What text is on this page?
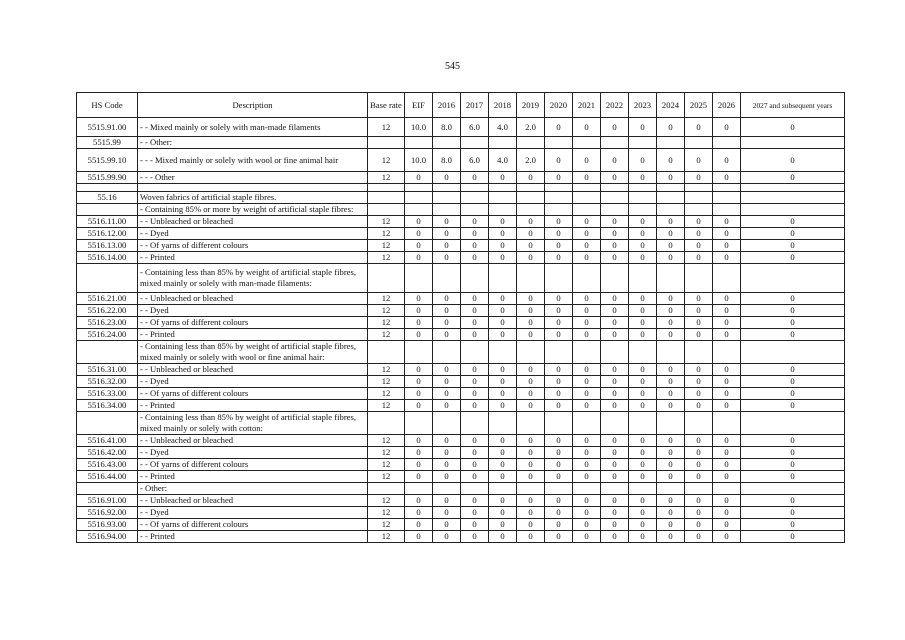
545
HS Code	Description	Base rate	EIF	2016	2017	2018	2019	2020	2021	2022	2023	2024	2025	2026	2027 and subsequent years
5515.91.00	- - Mixed mainly or solely with man-made filaments	12	10.0	8.0	6.0	4.0	2.0	0	0	0	0	0	0	0	0
5515.99	- - Other:														
5515.99.10	- - - Mixed mainly or solely with wool or fine animal hair	12	10.0	8.0	6.0	4.0	2.0	0	0	0	0	0	0	0	0
5515.99.90	- - - Other	12	0	0	0	0	0	0	0	0	0	0	0	0	0

55.16	Woven fabrics of artificial staple fibres.														
	- Containing 85% or more by weight of artificial staple fibres:														
5516.11.00	- - Unbleached or bleached	12	0	0	0	0	0	0	0	0	0	0	0	0	0
5516.12.00	- - Dyed	12	0	0	0	0	0	0	0	0	0	0	0	0	0
5516.13.00	- - Of yarns of different colours	12	0	0	0	0	0	0	0	0	0	0	0	0	0
5516.14.00	- - Printed	12	0	0	0	0	0	0	0	0	0	0	0	0	0
	- Containing less than 85% by weight of artificial staple fibres, mixed mainly or solely with man-made filaments:														
5516.21.00	- - Unbleached or bleached	12	0	0	0	0	0	0	0	0	0	0	0	0	0
5516.22.00	- - Dyed	12	0	0	0	0	0	0	0	0	0	0	0	0	0
5516.23.00	- - Of yarns of different colours	12	0	0	0	0	0	0	0	0	0	0	0	0	0
5516.24.00	- - Printed	12	0	0	0	0	0	0	0	0	0	0	0	0	0
	- Containing less than 85% by weight of artificial staple fibres, mixed mainly or solely with wool or fine animal hair:														
5516.31.00	- - Unbleached or bleached	12	0	0	0	0	0	0	0	0	0	0	0	0	0
5516.32.00	- - Dyed	12	0	0	0	0	0	0	0	0	0	0	0	0	0
5516.33.00	- - Of yarns of different colours	12	0	0	0	0	0	0	0	0	0	0	0	0	0
5516.34.00	- - Printed	12	0	0	0	0	0	0	0	0	0	0	0	0	0
	- Containing less than 85% by weight of artificial staple fibres, mixed mainly or solely with cotton:														
5516.41.00	- - Unbleached or bleached	12	0	0	0	0	0	0	0	0	0	0	0	0	0
5516.42.00	- - Dyed	12	0	0	0	0	0	0	0	0	0	0	0	0	0
5516.43.00	- - Of yarns of different colours	12	0	0	0	0	0	0	0	0	0	0	0	0	0
5516.44.00	- - Printed	12	0	0	0	0	0	0	0	0	0	0	0	0	0
	- Other:														
5516.91.00	- - Unbleached or bleached	12	0	0	0	0	0	0	0	0	0	0	0	0	0
5516.92.00	- - Dyed	12	0	0	0	0	0	0	0	0	0	0	0	0	0
5516.93.00	- - Of yarns of different colours	12	0	0	0	0	0	0	0	0	0	0	0	0	0
5516.94.00	- - Printed	12	0	0	0	0	0	0	0	0	0	0	0	0	0
